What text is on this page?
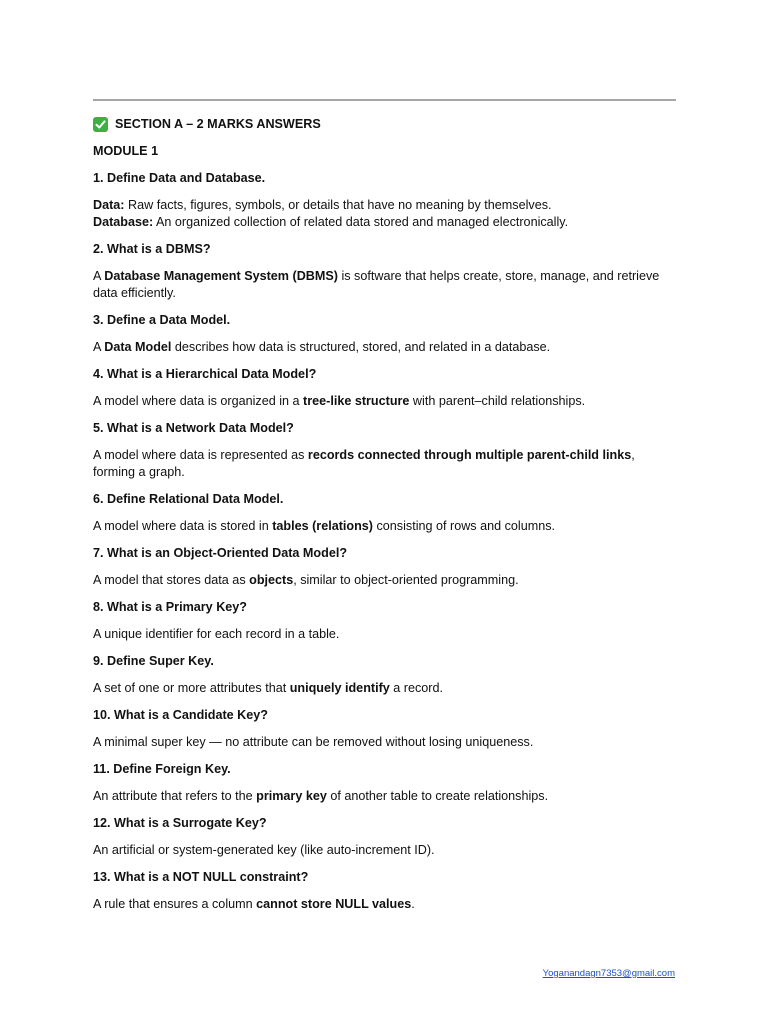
SECTION A – 2 MARKS ANSWERS
MODULE 1
1. Define Data and Database.
Data: Raw facts, figures, symbols, or details that have no meaning by themselves.
Database: An organized collection of related data stored and managed electronically.
2. What is a DBMS?
A Database Management System (DBMS) is software that helps create, store, manage, and retrieve data efficiently.
3. Define a Data Model.
A Data Model describes how data is structured, stored, and related in a database.
4. What is a Hierarchical Data Model?
A model where data is organized in a tree-like structure with parent–child relationships.
5. What is a Network Data Model?
A model where data is represented as records connected through multiple parent-child links, forming a graph.
6. Define Relational Data Model.
A model where data is stored in tables (relations) consisting of rows and columns.
7. What is an Object-Oriented Data Model?
A model that stores data as objects, similar to object-oriented programming.
8. What is a Primary Key?
A unique identifier for each record in a table.
9. Define Super Key.
A set of one or more attributes that uniquely identify a record.
10. What is a Candidate Key?
A minimal super key — no attribute can be removed without losing uniqueness.
11. Define Foreign Key.
An attribute that refers to the primary key of another table to create relationships.
12. What is a Surrogate Key?
An artificial or system-generated key (like auto-increment ID).
13. What is a NOT NULL constraint?
A rule that ensures a column cannot store NULL values.
Yoganandagn7353@gmail.com
